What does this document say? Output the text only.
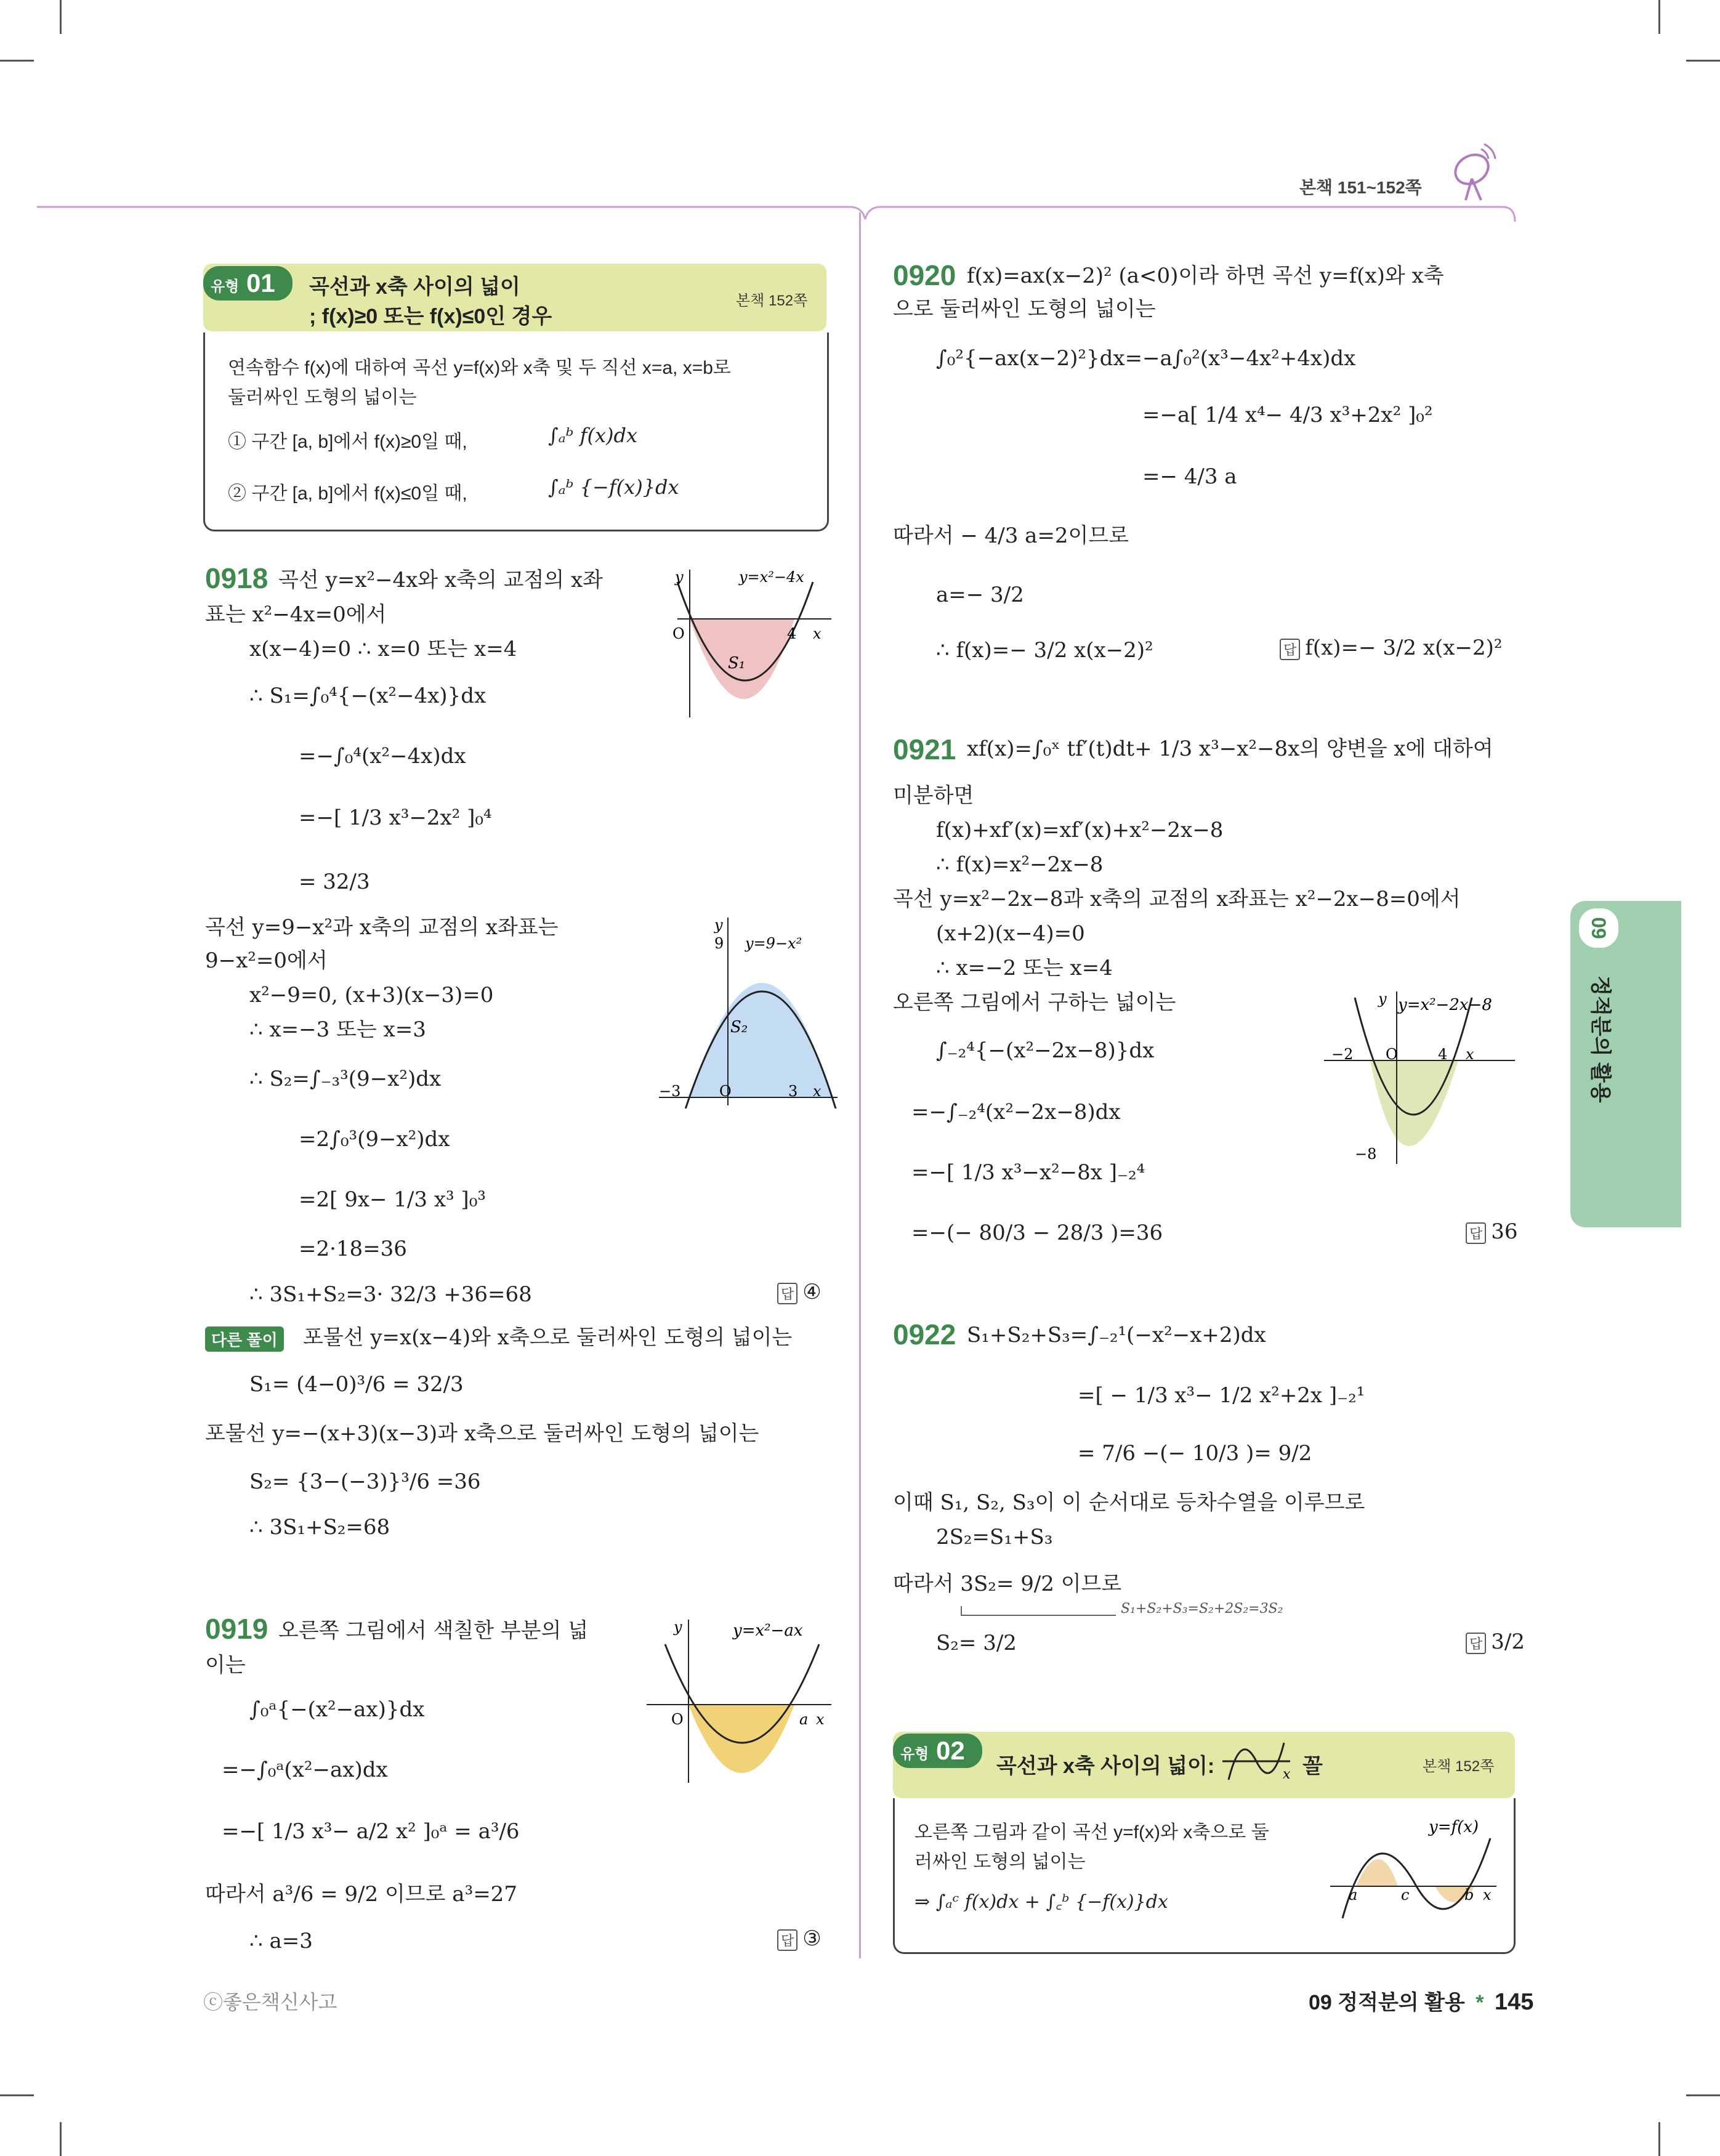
본책 151~152쪽
09
정적분의 활용
유형 01 곡선과 x축 사이의 넓이
; f(x)≥0 또는 f(x)≤0인 경우
본책 152쪽
연속함수 f(x)에 대하여 곡선 y=f(x)와 x축 및 두 직선 x=a, x=b로
둘러싸인 도형의 넓이는
① 구간 [a, b]에서 f(x)≥0일 때,	∫ₐᵇ f(x)dx
② 구간 [a, b]에서 f(x)≤0일 때,	∫ₐᵇ {−f(x)}dx
0918 곡선 y=x²−4x와 x축의 교점의 x좌
표는 x²−4x=0에서
x(x−4)=0 ∴ x=0 또는 x=4
∴ S₁=∫₀⁴{−(x²−4x)}dx
=−∫₀⁴(x²−4x)dx
=−[ 1/3 x³−2x² ]₀⁴
= 32/3
곡선 y=9−x²과 x축의 교점의 x좌표는
9−x²=0에서
x²−9=0, (x+3)(x−3)=0
∴ x=−3 또는 x=3
∴ S₂=∫₋₃³(9−x²)dx
=2∫₀³(9−x²)dx
=2[ 9x− 1/3 x³ ]₀³
=2·18=36
∴ 3S₁+S₂=3· 32/3 +36=68	답 ④
다른 풀이 포물선 y=x(x−4)와 x축으로 둘러싸인 도형의 넓이는
S₁= (4−0)³/6 = 32/3
포물선 y=−(x+3)(x−3)과 x축으로 둘러싸인 도형의 넓이는
S₂= {3−(−3)}³/6 =36
∴ 3S₁+S₂=68
y	y=x²−4x
O	4 x
S₁
y
y=9−x²
9
S₂
−3	O	3 x
0919 오른쪽 그림에서 색칠한 부분의 넓
이는
∫₀ᵃ{−(x²−ax)}dx
=−∫₀ᵃ(x²−ax)dx
=−[ 1/3 x³− a/2 x² ]₀ᵃ = a³/6
따라서 a³/6 = 9/2 이므로 a³=27
∴ a=3	답 ③
y	y=x²−ax
O	a x
ⓒ좋은책신사고
0920 f(x)=ax(x−2)² (a<0)이라 하면 곡선 y=f(x)와 x축
으로 둘러싸인 도형의 넓이는
∫₀²{−ax(x−2)²}dx=−a∫₀²(x³−4x²+4x)dx
=−a[ 1/4 x⁴− 4/3 x³+2x² ]₀²
=− 4/3 a
따라서 − 4/3 a=2이므로
a=− 3/2
∴ f(x)=− 3/2 x(x−2)²	답 f(x)=− 3/2 x(x−2)²
0921 xf(x)=∫₀ˣ tf′(t)dt+ 1/3 x³−x²−8x의 양변을 x에 대하여
미분하면
f(x)+xf′(x)=xf′(x)+x²−2x−8
∴ f(x)=x²−2x−8
곡선 y=x²−2x−8과 x축의 교점의 x좌표는 x²−2x−8=0에서
(x+2)(x−4)=0
∴ x=−2 또는 x=4
오른쪽 그림에서 구하는 넓이는
∫₋₂⁴{−(x²−2x−8)}dx
=−∫₋₂⁴(x²−2x−8)dx
=−[ 1/3 x³−x²−8x ]₋₂⁴
=−(− 80/3 − 28/3 )=36	답 36
y y=x²−2x−8
−2 O	4 x
−8
0922 S₁+S₂+S₃=∫₋₂¹(−x²−x+2)dx
=[ − 1/3 x³− 1/2 x²+2x ]₋₂¹
= 7/6 −(− 10/3 )= 9/2
이때 S₁, S₂, S₃이 이 순서대로 등차수열을 이루므로
2S₂=S₁+S₃
따라서 3S₂= 9/2 이므로
S₁+S₂+S₃=S₂+2S₂=3S₂
S₂= 3/2	답 3/2
유형 02
곡선과 x축 사이의 넓이:	x 꼴	본책 152쪽
오른쪽 그림과 같이 곡선 y=f(x)와 x축으로 둘
러싸인 도형의 넓이는
⇒ ∫ₐᶜ f(x)dx + ∫꜀ᵇ {−f(x)}dx
y=f(x)
a	c	b x
09 정적분의 활용 * 145
